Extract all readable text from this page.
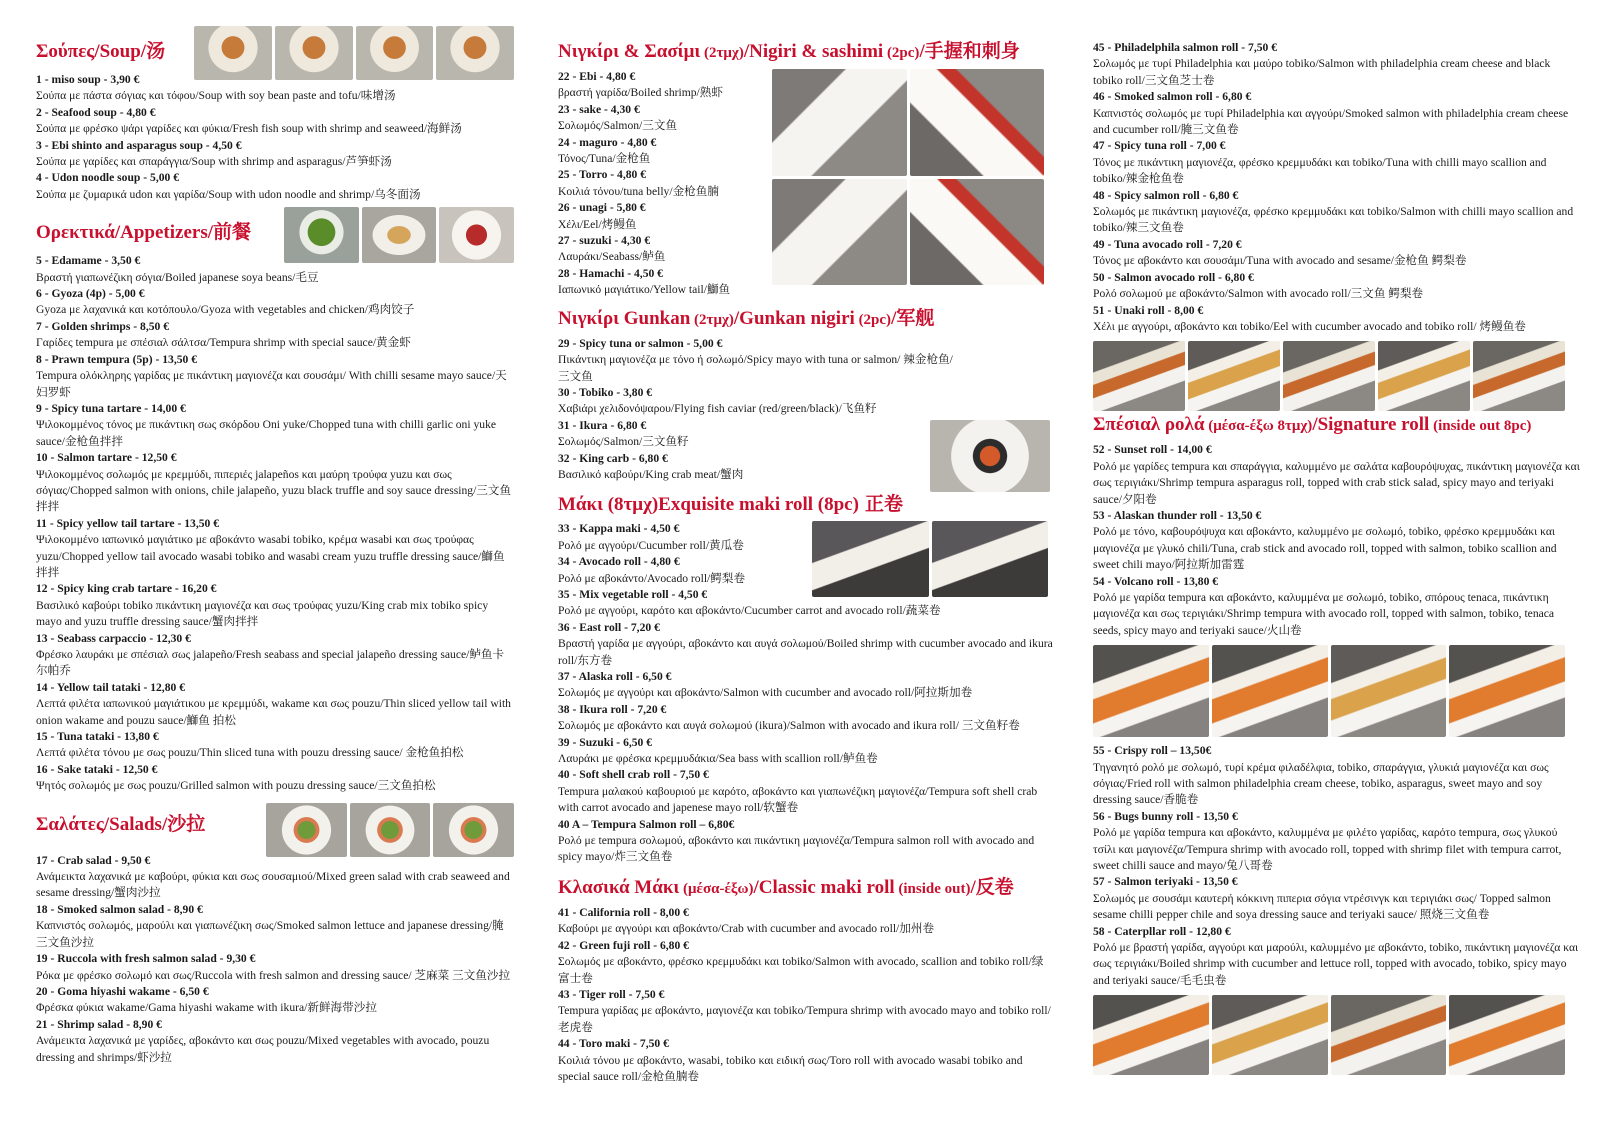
Σούπες/Soup/汤
1 - miso soup - 3,90 €
Σούπα με πάστα σόγιας και τόφου/Soup with soy bean paste and tofu/味增汤
2 - Seafood soup - 4,80 €
Σούπα με φρέσκο ψάρι γαρίδες και φύκια/Fresh fish soup with shrimp and seaweed/海鲜汤
3 - Ebi shinto and asparagus soup - 4,50 €
Σούπα με γαρίδες και σπαράγγια/Soup with shrimp and asparagus/芦笋虾汤
4 - Udon noodle soup - 5,00 €
Σούπα με ζυμαρικά udon και γαρίδα/Soup with udon noodle and shrimp/乌冬面汤
Ορεκτικά/Appetizers/前餐
5 - Edamame - 3,50 €
Βραστή γιαπωνέζικη σόγια/Boiled japanese soya beans/毛豆
6 - Gyoza (4p) - 5,00 €
Gyoza με λαχανικά και κοτόπουλο/Gyoza with vegetables and chicken/鸡肉饺子
7 - Golden shrimps - 8,50 €
Γαρίδες tempura με σπέσιαλ σάλτσα/Tempura shrimp with special sauce/黄金虾
8 - Prawn tempura (5p) - 13,50 €
Tempura ολόκληρης γαρίδας με πικάντικη μαγιονέζα και σουσάμι/ With chilli sesame mayo sauce/天妇罗虾
9 - Spicy tuna tartare - 14,00 €
Ψιλοκομμένος τόνος με πικάντικη σως σκόρδου Oni yuke/Chopped tuna with chilli garlic oni yuke sauce/金枪鱼拌拌
10 - Salmon tartare - 12,50 €
Ψιλοκομμένος σολωμός με κρεμμύδι, πιπεριές jalapeños και μαύρη τρούφα yuzu και σως σόγιας/Chopped salmon with onions, chile jalapeño, yuzu black truffle and soy sauce dressing/三文鱼拌拌
11 - Spicy yellow tail tartare - 13,50 €
Ψιλοκομμένο ιαπωνικό μαγιάτικο με αβοκάντο wasabi tobiko, κρέμα wasabi και σως τρούφας yuzu/Chopped yellow tail avocado wasabi tobiko and wasabi cream yuzu truffle dressing sauce/鰤鱼拌拌
12 - Spicy king crab tartare - 16,20 €
Βασιλικό καβούρι tobiko πικάντικη μαγιονέζα και σως τρούφας yuzu/King crab mix tobiko spicy mayo and yuzu truffle dressing sauce/蟹肉拌拌
13 - Seabass carpaccio - 12,30 €
Φρέσκο λαυράκι με σπέσιαλ σως jalapeño/Fresh seabass and special jalapeño dressing sauce/鲈鱼卡尔帕乔
14 - Yellow tail tataki - 12,80 €
Λεπτά φιλέτα ιαπωνικού μαγιάτικου με κρεμμύδι, wakame και σως pouzu/Thin sliced yellow tail with onion wakame and pouzu sauce/鰤鱼 拍松
15 - Tuna tataki - 13,80 €
Λεπτά φιλέτα τόνου με σως pouzu/Thin sliced tuna with pouzu dressing sauce/ 金枪鱼拍松
16 - Sake tataki - 12,50 €
Ψητός σολωμός με σως pouzu/Grilled salmon with pouzu dressing sauce/三文鱼拍松
Σαλάτες/Salads/沙拉
17 - Crab salad - 9,50 €
Ανάμεικτα λαχανικά με καβούρι, φύκια και σως σουσαμιού/Mixed green salad with crab seaweed and sesame dressing/蟹肉沙拉
18 - Smoked salmon salad - 8,90 €
Καπνιστός σολωμός, μαρούλι και γιαπωνέζικη σως/Smoked salmon lettuce and japanese dressing/腌三文鱼沙拉
19 - Ruccola with fresh salmon salad - 9,30 €
Ρόκα με φρέσκο σολωμό και σως/Ruccola with fresh salmon and dressing sauce/ 芝麻菜 三文鱼沙拉
20 - Goma hiyashi wakame - 6,50 €
Φρέσκα φύκια wakame/Gama hiyashi wakame with ikura/新鲜海带沙拉
21 - Shrimp salad - 8,90 €
Ανάμεικτα λαχανικά με γαρίδες, αβοκάντο και σως pouzu/Mixed vegetables with avocado, pouzu dressing and shrimps/虾沙拉
Νιγκίρι & Σασίμι (2τμχ)/Nigiri & sashimi (2pc)/手握和刺身
22 - Ebi - 4,80 €
βραστή γαρίδα/Boiled shrimp/熟虾
23 - sake - 4,30 €
Σολωμός/Salmon/三文鱼
24 - maguro - 4,80 €
Τόνος/Tuna/金枪鱼
25 - Torro - 4,80 €
Κοιλιά τόνου/tuna belly/金枪鱼腩
26 - unagi - 5,80 €
Χέλι/Eel/烤鳗鱼
27 - suzuki - 4,30 €
Λαυράκι/Seabass/鲈鱼
28 - Hamachi - 4,50 €
Ιαπωνικό μαγιάτικο/Yellow tail/鰤鱼
Νιγκίρι Gunkan (2τμχ)/Gunkan nigiri (2pc)/军舰
29 - Spicy tuna or salmon - 5,00 €
Πικάντικη μαγιονέζα με τόνο ή σολωμό/Spicy mayo with tuna or salmon/ 辣金枪鱼/三文鱼
30 - Tobiko - 3,80 €
Χαβιάρι χελιδονόψαρου/Flying fish caviar (red/green/black)/飞鱼籽
31 - Ikura - 6,80 €
Σολωμός/Salmon/三文鱼籽
32 - King carb - 6,80 €
Βασιλικό καβούρι/King crab meat/蟹肉
Μάκι (8τμχ)Exquisite maki roll (8pc) 正卷
33 - Kappa maki - 4,50 €
Ρολό με αγγούρι/Cucumber roll/黄瓜卷
34 - Avocado roll - 4,80 €
Ρολό με αβοκάντο/Avocado roll/鳄梨卷
35 - Mix vegetable roll - 4,50 €
Ρολό με αγγούρι, καρότο και αβοκάντο/Cucumber carrot and avocado roll/蔬菜卷
36 - East roll - 7,20 €
Βραστή γαρίδα με αγγούρι, αβοκάντο και αυγά σολωμού/Boiled shrimp with cucumber avocado and ikura roll/东方卷
37 - Alaska roll - 6,50 €
Σολωμός με αγγούρι και αβοκάντο/Salmon with cucumber and avocado roll/阿拉斯加卷
38 - Ikura roll - 7,20 €
Σολωμός με αβοκάντο και αυγά σολωμού (ikura)/Salmon with avocado and ikura roll/ 三文鱼籽卷
39 - Suzuki - 6,50 €
Λαυράκι με φρέσκα κρεμμυδάκια/Sea bass with scallion roll/鲈鱼卷
40 - Soft shell crab roll - 7,50 €
Tempura μαλακού καβουριού με καρότο, αβοκάντο και γιαπωνέζικη μαγιονέζα/Tempura soft shell crab with carrot avocado and japenese mayo roll/软蟹卷
40 A – Tempura Salmon roll – 6,80€
Ρολό με tempura σολωμού, αβοκάντο και πικάντικη μαγιονέζα/Tempura salmon roll with avocado and spicy mayo/炸三文鱼卷
Κλασικά Μάκι (μέσα-έξω)/Classic maki roll (inside out)/反卷
41 - California roll - 8,00 €
Καβούρι με αγγούρι και αβοκάντο/Crab with cucumber and avocado roll/加州卷
42 - Green fuji roll - 6,80 €
Σολωμός με αβοκάντο, φρέσκο κρεμμυδάκι και tobiko/Salmon with avocado, scallion and tobiko roll/绿富士卷
43 - Tiger roll - 7,50 €
Tempura γαρίδας με αβοκάντο, μαγιονέζα και tobiko/Tempura shrimp with avocado mayo and tobiko roll/老虎卷
44 - Toro maki - 7,50 €
Κοιλιά τόνου με αβοκάντο, wasabi, tobiko και ειδική σως/Toro roll with avocado wasabi tobiko and special sauce roll/金枪鱼腩卷
45 - Philadelphila salmon roll - 7,50 €
Σολωμός με τυρί Philadelphia και μαύρο tobiko/Salmon with philadelphia cream cheese and black tobiko roll/三文鱼芝士卷
46 - Smoked salmon roll - 6,80 €
Καπνιστός σολωμός με τυρί Philadelphia και αγγούρι/Smoked salmon with philadelphia cream cheese and cucumber roll/腌三文鱼卷
47 - Spicy tuna roll - 7,00 €
Τόνος με πικάντικη μαγιονέζα, φρέσκο κρεμμυδάκι και tobiko/Tuna with chilli mayo scallion and tobiko/辣金枪鱼卷
48 - Spicy salmon roll - 6,80 €
Σολωμός με πικάντικη μαγιονέζα, φρέσκο κρεμμυδάκι και tobiko/Salmon with chilli mayo scallion and tobiko/辣三文鱼卷
49 - Tuna avocado roll - 7,20 €
Τόνος με αβοκάντο και σουσάμι/Tuna with avocado and sesame/金枪鱼 鳄梨卷
50 - Salmon avocado roll - 6,80 €
Ρολό σολωμού με αβοκάντο/Salmon with avocado roll/三文鱼 鳄梨卷
51 - Unaki roll - 8,00 €
Χέλι με αγγούρι, αβοκάντο και tobiko/Eel with cucumber avocado and tobiko roll/ 烤鳗鱼卷
Σπέσιαλ ρολά (μέσα-έξω 8τμχ)/Signature roll (inside out 8pc)
52 - Sunset roll - 14,00 €
Ρολό με γαρίδες tempura και σπαράγγια, καλυμμένο με σαλάτα καβουρόψυχας, πικάντικη μαγιονέζα και σως τεριγιάκι/Shrimp tempura asparagus roll, topped with crab stick salad, spicy mayo and teriyaki sauce/夕阳卷
53 - Alaskan thunder roll - 13,50 €
Ρολό με τόνο, καβουρόψυχα και αβοκάντο, καλυμμένο με σολωμό, tobiko, φρέσκο κρεμμυδάκι και μαγιονέζα με γλυκό chili/Tuna, crab stick and avocado roll, topped with salmon, tobiko scallion and sweet chili mayo/阿拉斯加雷霆
54 - Volcano roll - 13,80 €
Ρολό με γαρίδα tempura και αβοκάντο, καλυμμένα με σολωμό, tobiko, σπόρους tenaca, πικάντικη μαγιονέζα και σως τεριγιάκι/Shrimp tempura with avocado roll, topped with salmon, tobiko, tenaca seeds, spicy mayo and teriyaki sauce/火山卷
55 - Crispy roll – 13,50€
Τηγανητό ρολό με σολωμό, τυρί κρέμα φιλαδέλφια, tobiko, σπαράγγια, γλυκιά μαγιονέζα και σως σόγιας/Fried roll with salmon philadelphia cream cheese, tobiko, asparagus, sweet mayo and soy dressing sauce/香脆卷
56 - Bugs bunny roll - 13,50 €
Ρολό με γαρίδα tempura και αβοκάντο, καλυμμένα με φιλέτο γαρίδας, καρότο tempura, σως γλυκού τσίλι και μαγιονέζα/Tempura shrimp with avocado roll, topped with shrimp filet with tempura carrot, sweet chilli sauce and mayo/兔八哥卷
57 - Salmon teriyaki - 13,50 €
Σολωμός με σουσάμι καυτερή κόκκινη πιπερια σόγια ντρέσινγκ και τεριγιάκι σως/ Topped salmon sesame chilli pepper chile and soya dressing sauce and teriyaki sauce/ 照烧三文鱼卷
58 - Caterpllar roll - 12,80 €
Ρολό με βραστή γαρίδα, αγγούρι και μαρούλι, καλυμμένο με αβοκάντο, tobiko, πικάντικη μαγιονέζα και σως τεριγιάκι/Boiled shrimp with cucumber and lettuce roll, topped with avocado, tobiko, spicy mayo and teriyaki sauce/毛毛虫卷
